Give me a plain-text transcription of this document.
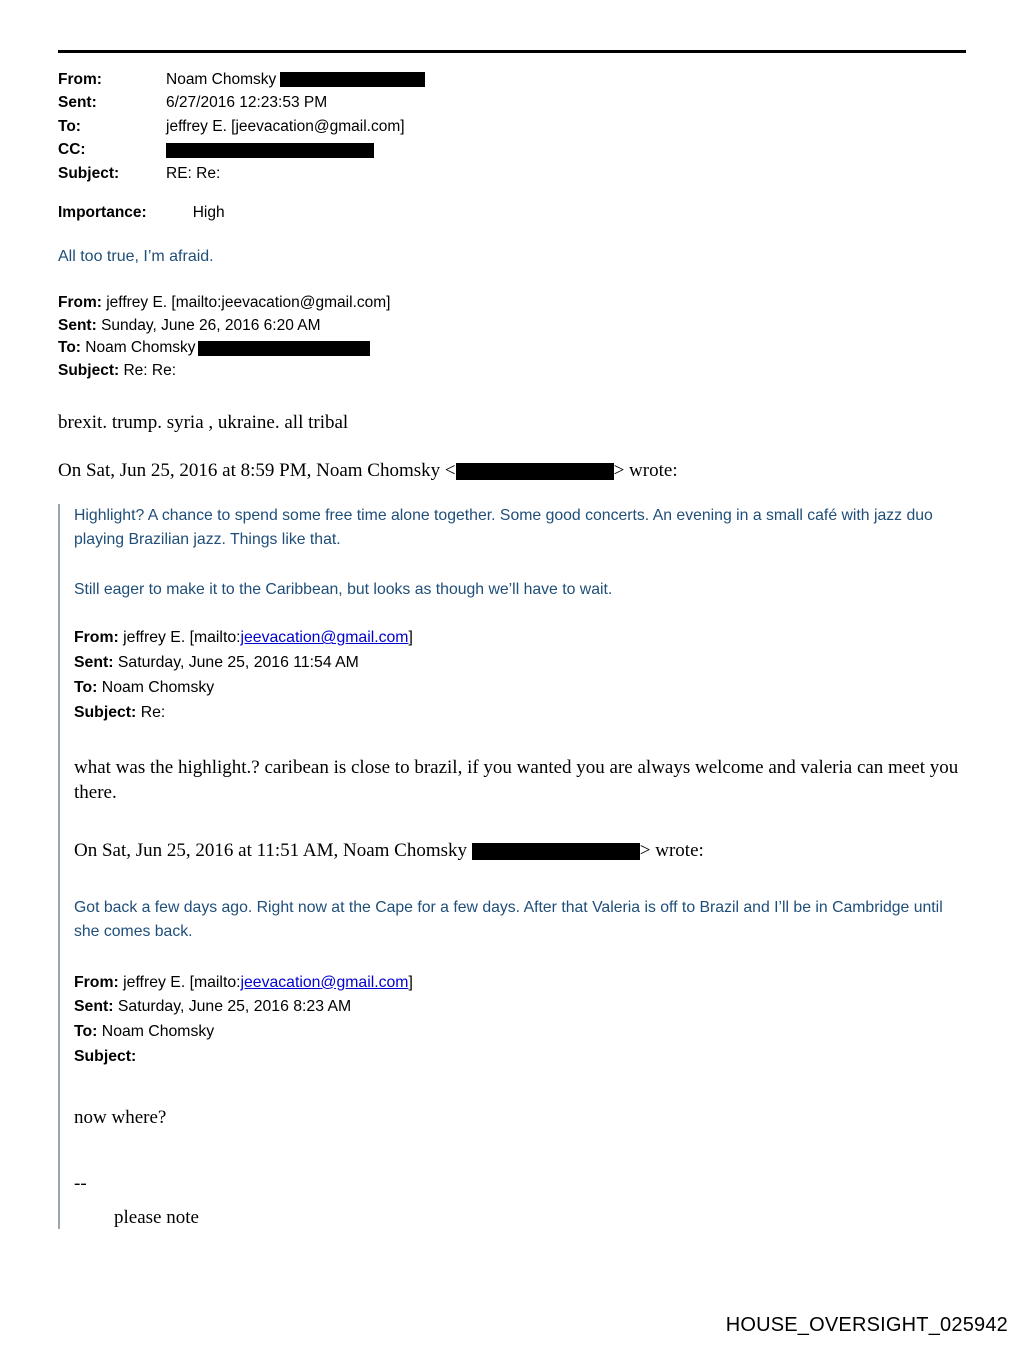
From:	Noam Chomsky
Sent:	6/27/2016 12:23:53 PM
To:	jeffrey E. [jeevacation@gmail.com]
CC:	
Subject:	RE: Re:
Importance:	High
All too true, I’m afraid.
From: jeffrey E. [mailto:jeevacation@gmail.com]
Sent: Sunday, June 26, 2016 6:20 AM
To: Noam Chomsky
Subject: Re: Re:
brexit. trump. syria , ukraine. all tribal
On Sat, Jun 25, 2016 at 8:59 PM, Noam Chomsky <	> wrote:
Highlight? A chance to spend some free time alone together. Some good concerts. An evening in a small café with jazz duo playing Brazilian jazz. Things like that.
Still eager to make it to the Caribbean, but looks as though we’ll have to wait.
From: jeffrey E. [mailto:jeevacation@gmail.com]
Sent: Saturday, June 25, 2016 11:54 AM
To: Noam Chomsky
Subject: Re:
what was the highlight.? caribean is close to brazil, if you wanted you are always welcome and valeria can meet you there.
On Sat, Jun 25, 2016 at 11:51 AM, Noam Chomsky	> wrote:
Got back a few days ago. Right now at the Cape for a few days. After that Valeria is off to Brazil and I’ll be in Cambridge until she comes back.
From: jeffrey E. [mailto:jeevacation@gmail.com]
Sent: Saturday, June 25, 2016 8:23 AM
To: Noam Chomsky
Subject:
now where?
--
please note
HOUSE_OVERSIGHT_025942
